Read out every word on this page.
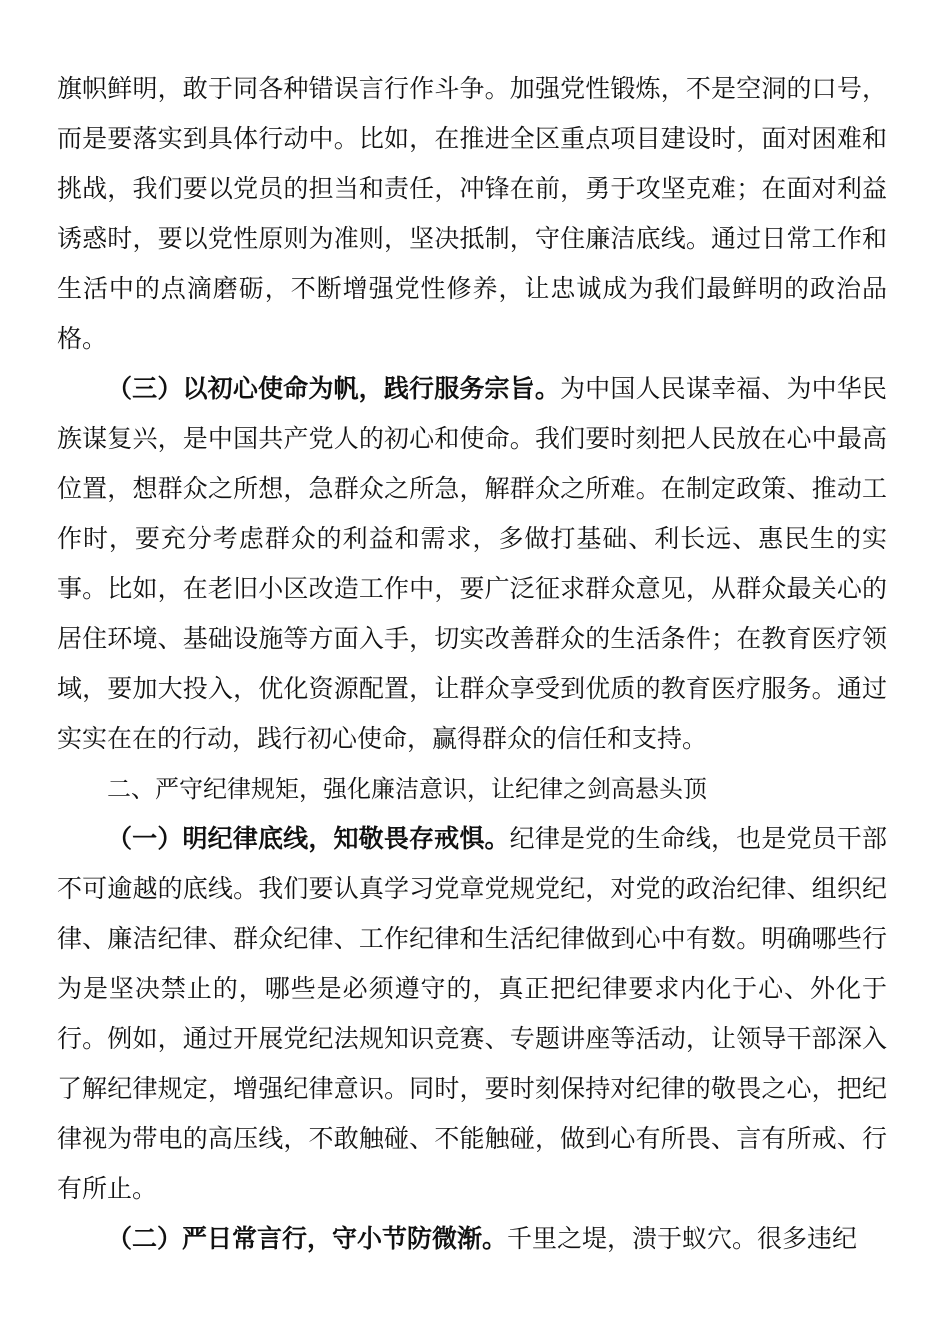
旗帜鲜明，敢于同各种错误言行作斗争。加强党性锻炼，不是空洞的口号，而是要落实到具体行动中。比如，在推进全区重点项目建设时，面对困难和挑战，我们要以党员的担当和责任，冲锋在前，勇于攻坚克难；在面对利益诱惑时，要以党性原则为准则，坚决抵制，守住廉洁底线。通过日常工作和生活中的点滴磨砺，不断增强党性修养，让忠诚成为我们最鲜明的政治品格。

（三）以初心使命为帆，践行服务宗旨。为中国人民谋幸福、为中华民族谋复兴，是中国共产党人的初心和使命。我们要时刻把人民放在心中最高位置，想群众之所想，急群众之所急，解群众之所难。在制定政策、推动工作时，要充分考虑群众的利益和需求，多做打基础、利长远、惠民生的实事。比如，在老旧小区改造工作中，要广泛征求群众意见，从群众最关心的居住环境、基础设施等方面入手，切实改善群众的生活条件；在教育医疗领域，要加大投入，优化资源配置，让群众享受到优质的教育医疗服务。通过实实在在的行动，践行初心使命，赢得群众的信任和支持。

二、严守纪律规矩，强化廉洁意识，让纪律之剑高悬头顶

（一）明纪律底线，知敬畏存戒惧。纪律是党的生命线，也是党员干部不可逾越的底线。我们要认真学习党章党规党纪，对党的政治纪律、组织纪律、廉洁纪律、群众纪律、工作纪律和生活纪律做到心中有数。明确哪些行为是坚决禁止的，哪些是必须遵守的，真正把纪律要求内化于心、外化于行。例如，通过开展党纪法规知识竞赛、专题讲座等活动，让领导干部深入了解纪律规定，增强纪律意识。同时，要时刻保持对纪律的敬畏之心，把纪律视为带电的高压线，不敢触碰、不能触碰，做到心有所畏、言有所戒、行有所止。

（二）严日常言行，守小节防微渐。千里之堤，溃于蚁穴。很多违纪
